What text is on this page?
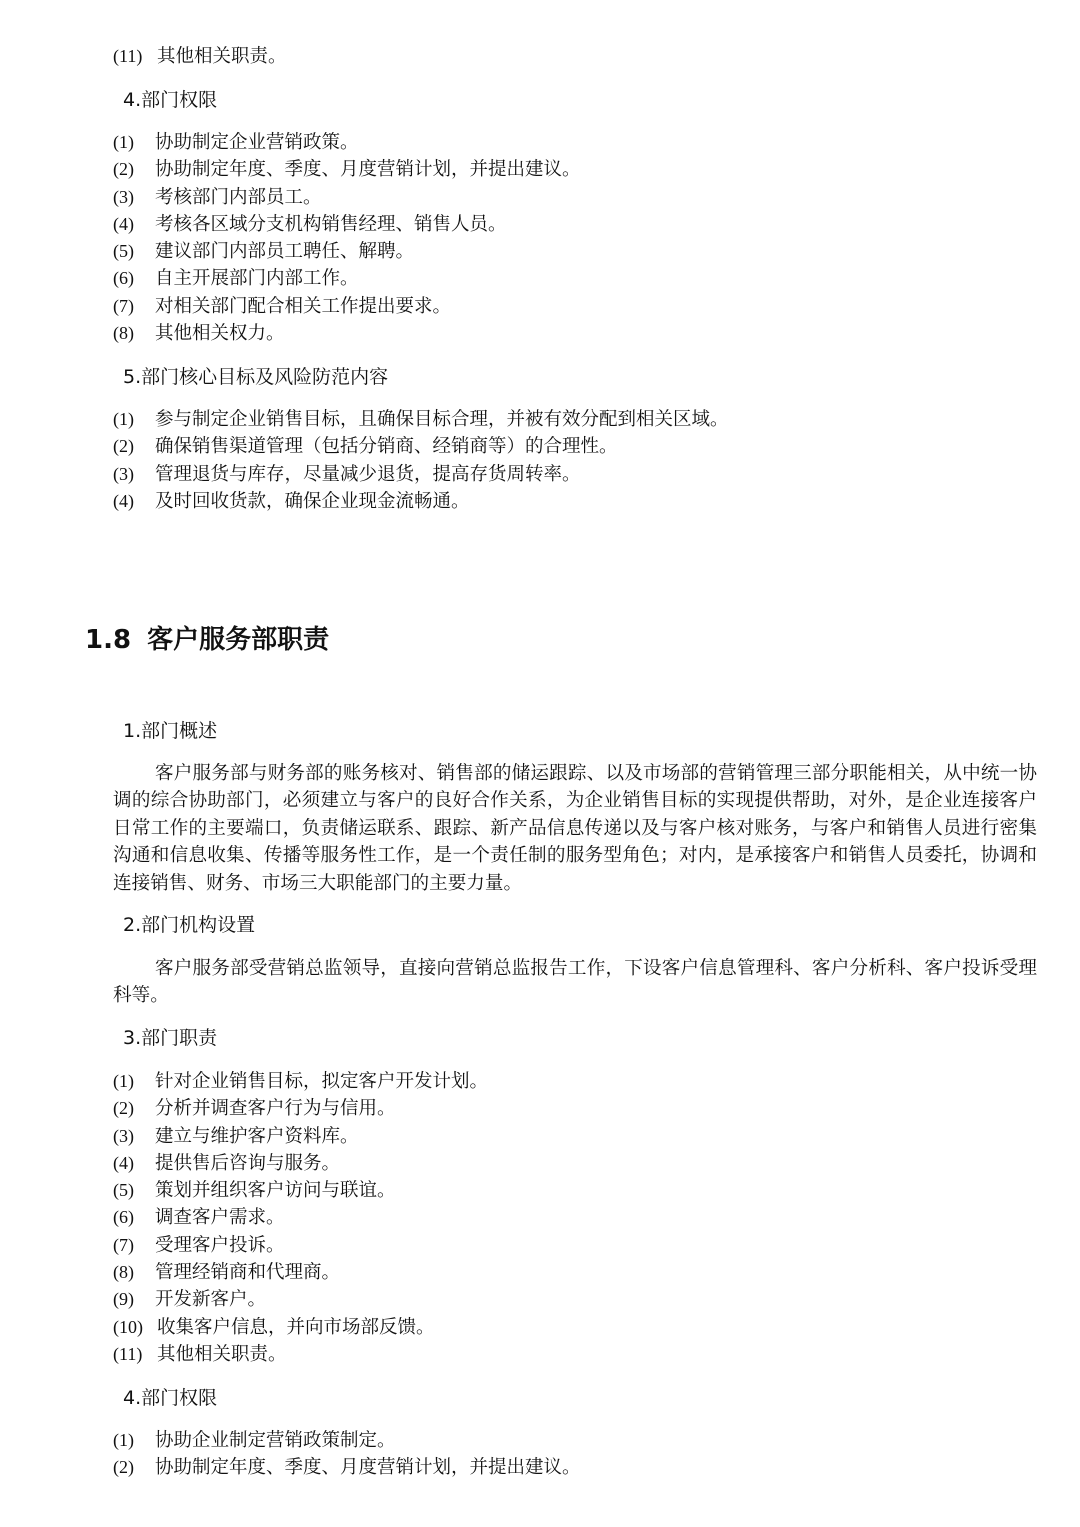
(11) 其他相关职责。
4.部门权限
(1) 协助制定企业营销政策。
(2) 协助制定年度、季度、月度营销计划，并提出建议。
(3) 考核部门内部员工。
(4) 考核各区域分支机构销售经理、销售人员。
(5) 建议部门内部员工聘任、解聘。
(6) 自主开展部门内部工作。
(7) 对相关部门配合相关工作提出要求。
(8) 其他相关权力。
5.部门核心目标及风险防范内容
(1) 参与制定企业销售目标，且确保目标合理，并被有效分配到相关区域。
(2) 确保销售渠道管理（包括分销商、经销商等）的合理性。
(3) 管理退货与库存，尽量减少退货，提高存货周转率。
(4) 及时回收货款，确保企业现金流畅通。
1.8 客户服务部职责
1.部门概述

客户服务部与财务部的账务核对、销售部的储运跟踪、以及市场部的营销管理三部分职能相关，从中统一协调的综合协助部门，必须建立与客户的良好合作关系，为企业销售目标的实现提供帮助，对外，是企业连接客户日常工作的主要端口，负责储运联系、跟踪、新产品信息传递以及与客户核对账务，与客户和销售人员进行密集沟通和信息收集、传播等服务性工作，是一个责任制的服务型角色；对内，是承接客户和销售人员委托，协调和连接销售、财务、市场三大职能部门的主要力量。

2.部门机构设置

客户服务部受营销总监领导，直接向营销总监报告工作，下设客户信息管理科、客户分析科、客户投诉受理科等。

3.部门职责
(1) 针对企业销售目标，拟定客户开发计划。
(2) 分析并调查客户行为与信用。
(3) 建立与维护客户资料库。
(4) 提供售后咨询与服务。
(5) 策划并组织客户访问与联谊。
(6) 调查客户需求。
(7) 受理客户投诉。
(8) 管理经销商和代理商。
(9) 开发新客户。
(10) 收集客户信息，并向市场部反馈。
(11) 其他相关职责。
4.部门权限
(1) 协助企业制定营销政策制定。
(2) 协助制定年度、季度、月度营销计划，并提出建议。
